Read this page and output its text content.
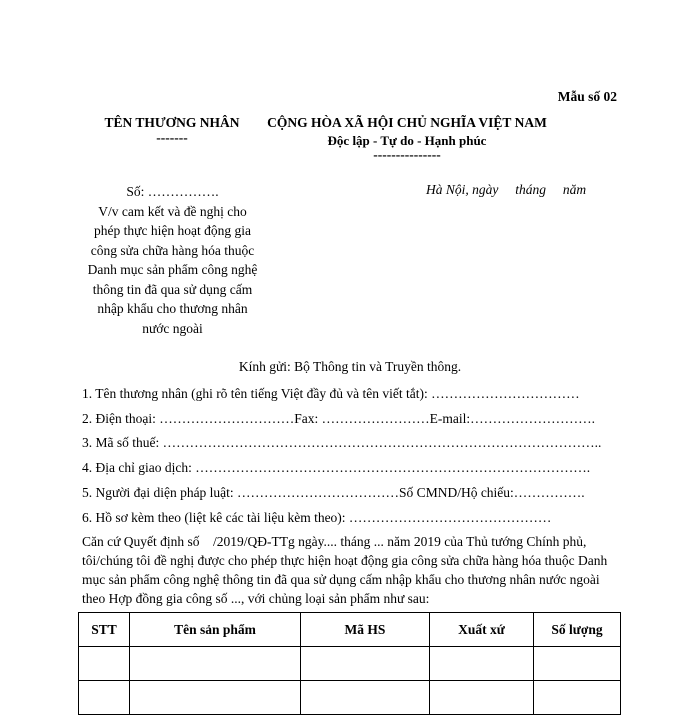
Mẫu số 02
TÊN THƯƠNG NHÂN
-------
CỘNG HÒA XÃ HỘI CHỦ NGHĨA VIỆT NAM
Độc lập - Tự do - Hạnh phúc
---------------
Số: …………….
V/v cam kết và đề nghị cho
phép thực hiện hoạt động gia
công sửa chữa hàng hóa thuộc
Danh mục sản phẩm công nghệ
thông tin đã qua sử dụng cấm
nhập khẩu cho thương nhân
nước ngoài
Hà Nội, ngày     tháng     năm
Kính gửi: Bộ Thông tin và Truyền thông.
1. Tên thương nhân (ghi rõ tên tiếng Việt đầy đủ và tên viết tắt): ……………………………
2. Điện thoại: …………………………Fax: ……………………E-mail:……………………….
3. Mã số thuế: ……………………………………………………………………………………..
4. Địa chỉ giao dịch: …………………………………………………………………………….
5. Người đại diện pháp luật: ………………………………Số CMND/Hộ chiếu:…………….
6. Hồ sơ kèm theo (liệt kê các tài liệu kèm theo): ………………………………………
Căn cứ Quyết định số    /2019/QĐ-TTg ngày.... tháng ... năm 2019 của Thủ tướng Chính phủ,
tôi/chúng tôi đề nghị được cho phép thực hiện hoạt động gia công sửa chữa hàng hóa thuộc Danh
mục sản phẩm công nghệ thông tin đã qua sử dụng cấm nhập khẩu cho thương nhân nước ngoài
theo Hợp đồng gia công số ..., với chủng loại sản phẩm như sau:
STT	Tên sản phẩm	Mã HS	Xuất xứ	Số lượng
